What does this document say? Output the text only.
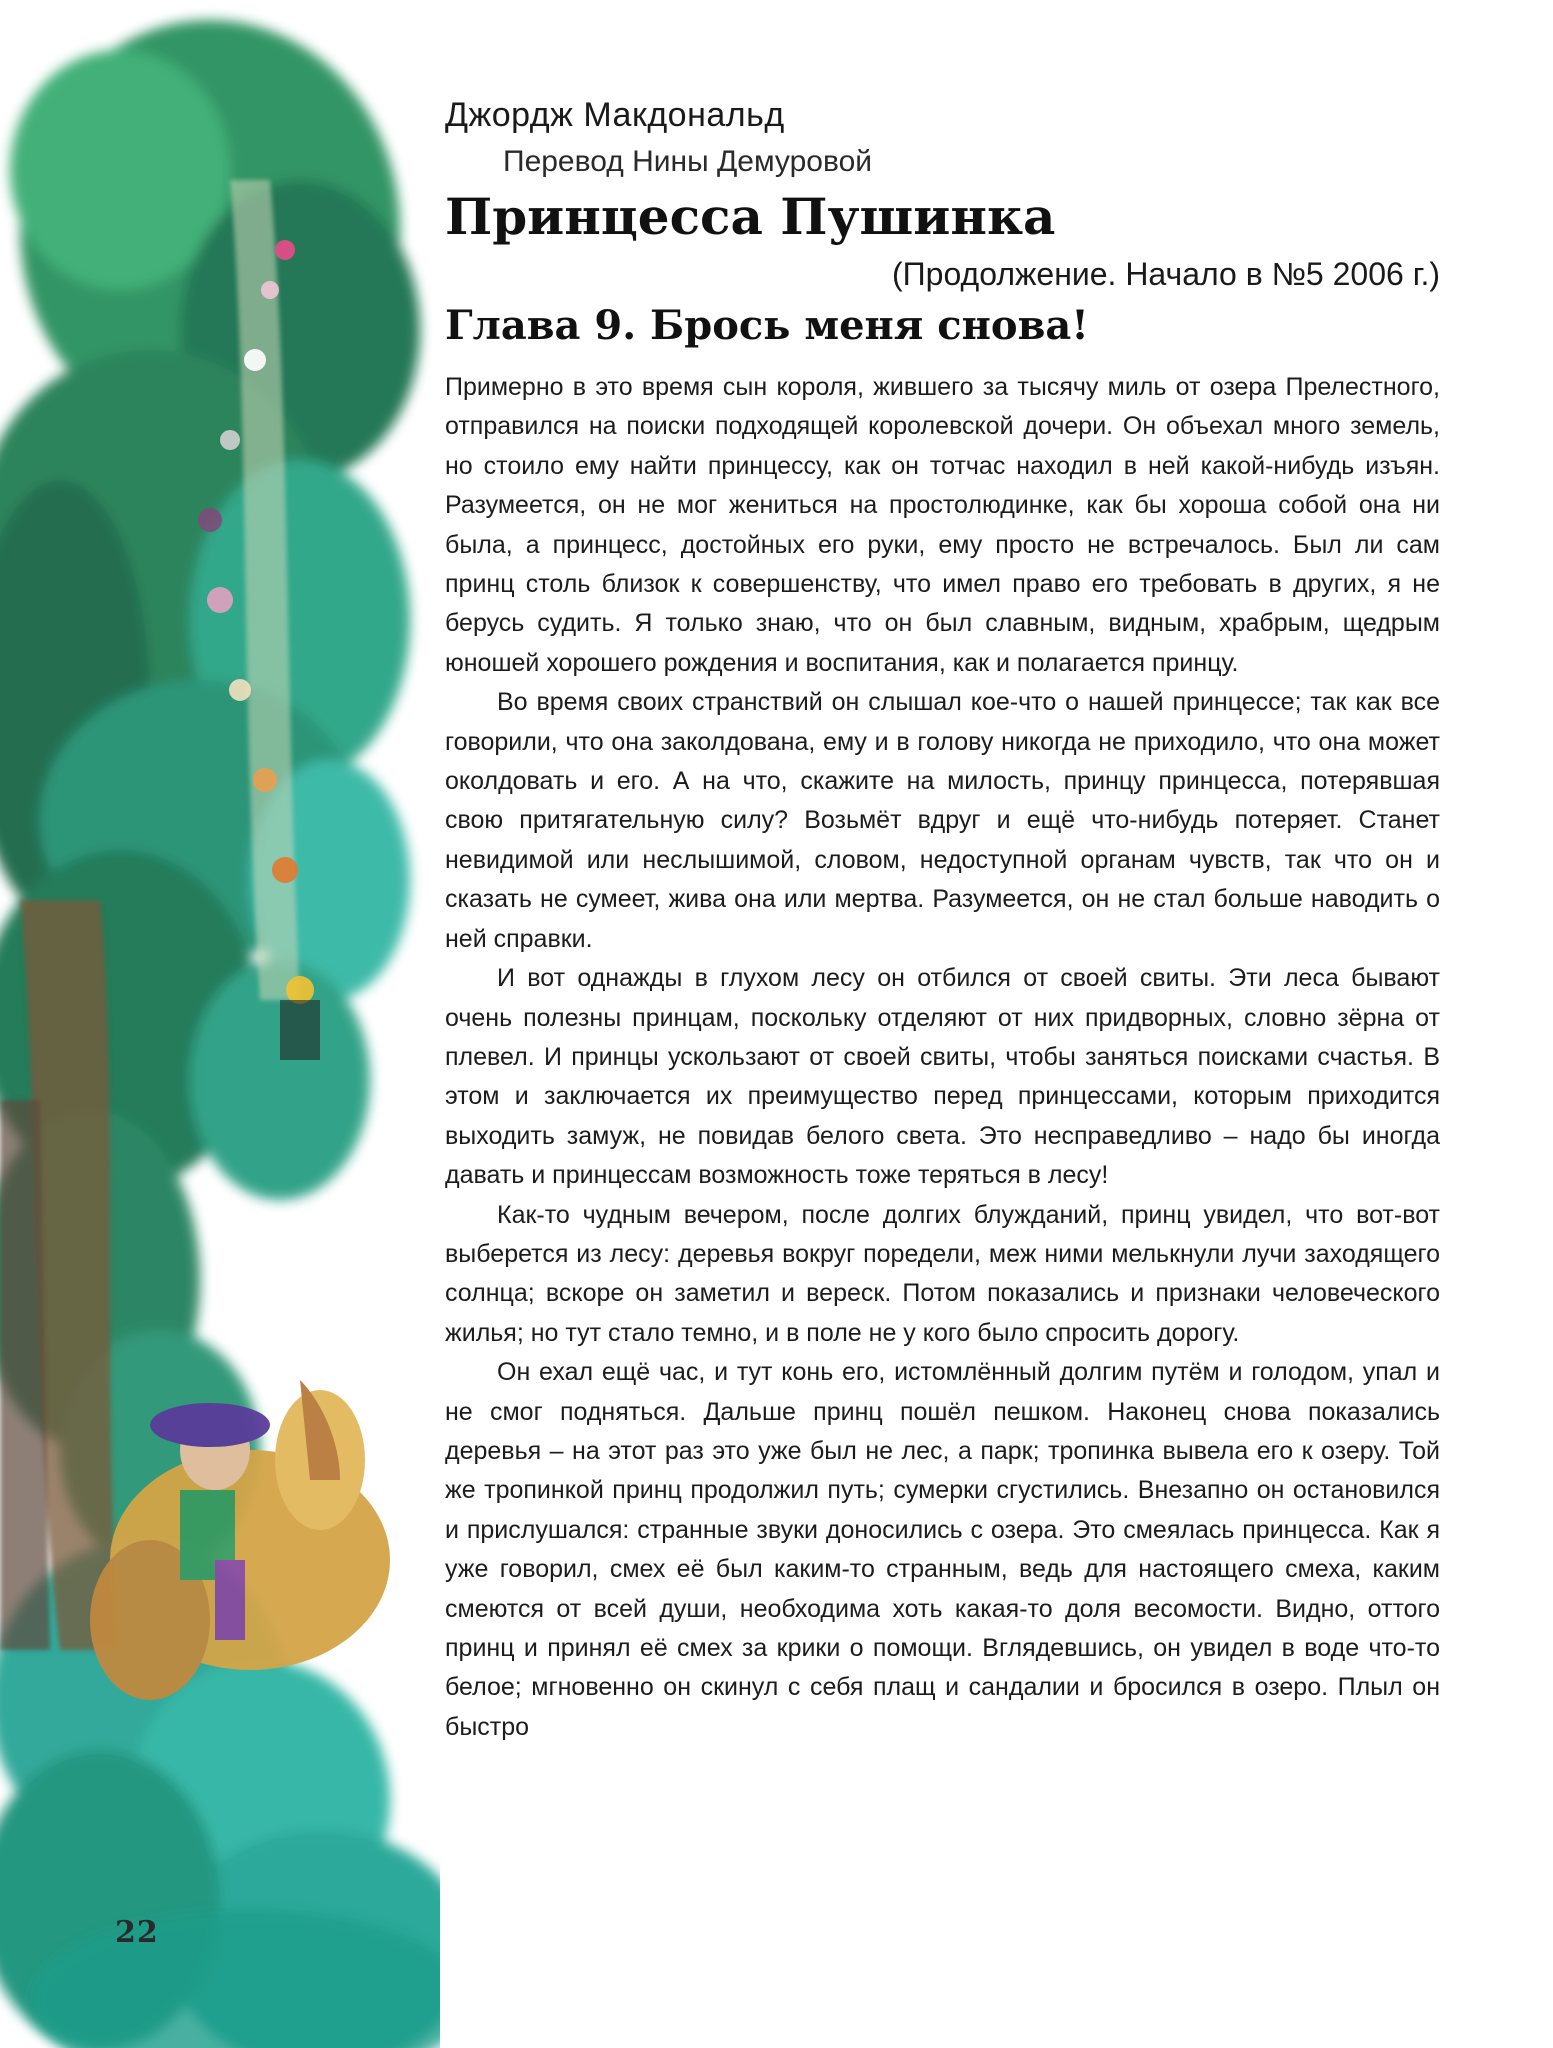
22
Джордж Макдональд
Перевод Нины Демуровой
Принцесса Пушинка
(Продолжение. Начало в №5 2006 г.)
Глава 9. Брось меня снова!

Примерно в это время сын короля, жившего за тысячу миль от озера Прелестного, отправился на поиски подходящей королевской дочери. Он объехал много земель, но стоило ему найти принцессу, как он тотчас находил в ней какой-нибудь изъян. Разумеется, он не мог жениться на простолюдинке, как бы хороша собой она ни была, а принцесс, достойных его руки, ему просто не встречалось. Был ли сам принц столь близок к совершенству, что имел право его требовать в других, я не берусь судить. Я только знаю, что он был славным, видным, храбрым, щедрым юношей хорошего рождения и воспитания, как и полагается принцу.

Во время своих странствий он слышал кое-что о нашей принцессе; так как все говорили, что она заколдована, ему и в голову никогда не приходило, что она может околдовать и его. А на что, скажите на милость, принцу принцесса, потерявшая свою притягательную силу? Возьмёт вдруг и ещё что-нибудь потеряет. Станет невидимой или неслышимой, словом, недоступной органам чувств, так что он и сказать не сумеет, жива она или мертва. Разумеется, он не стал больше наводить о ней справки.

И вот однажды в глухом лесу он отбился от своей свиты. Эти леса бывают очень полезны принцам, поскольку отделяют от них придворных, словно зёрна от плевел. И принцы ускользают от своей свиты, чтобы заняться поисками счастья. В этом и заключается их преимущество перед принцессами, которым приходится выходить замуж, не повидав белого света. Это несправедливо – надо бы иногда давать и принцессам возможность тоже теряться в лесу!

Как-то чудным вечером, после долгих блужданий, принц увидел, что вот-вот выберется из лесу: деревья вокруг поредели, меж ними мелькнули лучи заходящего солнца; вскоре он заметил и вереск. Потом показались и признаки человеческого жилья; но тут стало темно, и в поле не у кого было спросить дорогу.

Он ехал ещё час, и тут конь его, истомлённый долгим путём и голодом, упал и не смог подняться. Дальше принц пошёл пешком. Наконец снова показались деревья – на этот раз это уже был не лес, а парк; тропинка вывела его к озеру. Той же тропинкой принц продолжил путь; сумерки сгустились. Внезапно он остановился и прислушался: странные звуки доносились с озера. Это смеялась принцесса. Как я уже говорил, смех её был каким-то странным, ведь для настоящего смеха, каким смеются от всей души, необходима хоть какая-то доля весомости. Видно, оттого принц и принял её смех за крики о помощи. Вглядевшись, он увидел в воде что-то белое; мгновенно он скинул с себя плащ и сандалии и бросился в озеро. Плыл он быстро
